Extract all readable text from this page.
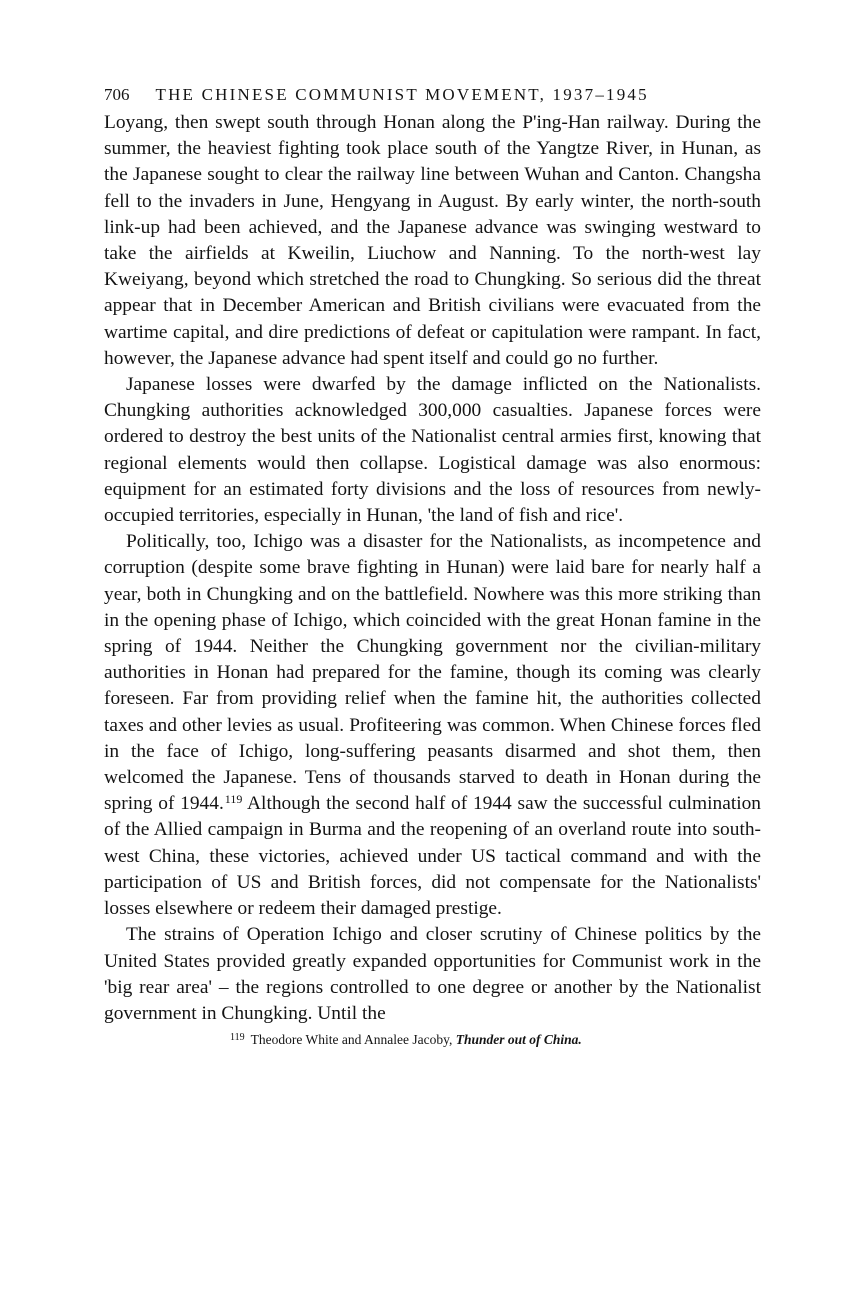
706 THE CHINESE COMMUNIST MOVEMENT, 1937–1945

Loyang, then swept south through Honan along the P'ing-Han railway. During the summer, the heaviest fighting took place south of the Yangtze River, in Hunan, as the Japanese sought to clear the railway line between Wuhan and Canton. Changsha fell to the invaders in June, Hengyang in August. By early winter, the north-south link-up had been achieved, and the Japanese advance was swinging westward to take the airfields at Kweilin, Liuchow and Nanning. To the north-west lay Kweiyang, beyond which stretched the road to Chungking. So serious did the threat appear that in December American and British civilians were evacuated from the wartime capital, and dire predictions of defeat or capitulation were rampant. In fact, however, the Japanese advance had spent itself and could go no further.

Japanese losses were dwarfed by the damage inflicted on the Nationalists. Chungking authorities acknowledged 300,000 casualties. Japanese forces were ordered to destroy the best units of the Nationalist central armies first, knowing that regional elements would then collapse. Logistical damage was also enormous: equipment for an estimated forty divisions and the loss of resources from newly-occupied territories, especially in Hunan, 'the land of fish and rice'.

Politically, too, Ichigo was a disaster for the Nationalists, as incompetence and corruption (despite some brave fighting in Hunan) were laid bare for nearly half a year, both in Chungking and on the battlefield. Nowhere was this more striking than in the opening phase of Ichigo, which coincided with the great Honan famine in the spring of 1944. Neither the Chungking government nor the civilian-military authorities in Honan had prepared for the famine, though its coming was clearly foreseen. Far from providing relief when the famine hit, the authorities collected taxes and other levies as usual. Profiteering was common. When Chinese forces fled in the face of Ichigo, long-suffering peasants disarmed and shot them, then welcomed the Japanese. Tens of thousands starved to death in Honan during the spring of 1944.$^{119}$ Although the second half of 1944 saw the successful culmination of the Allied campaign in Burma and the reopening of an overland route into south-west China, these victories, achieved under US tactical command and with the participation of US and British forces, did not compensate for the Nationalists' losses elsewhere or redeem their damaged prestige.

The strains of Operation Ichigo and closer scrutiny of Chinese politics by the United States provided greatly expanded opportunities for Communist work in the 'big rear area' – the regions controlled to one degree or another by the Nationalist government in Chungking. Until the

$^{119}$ Theodore White and Annalee Jacoby, Thunder out of China.
